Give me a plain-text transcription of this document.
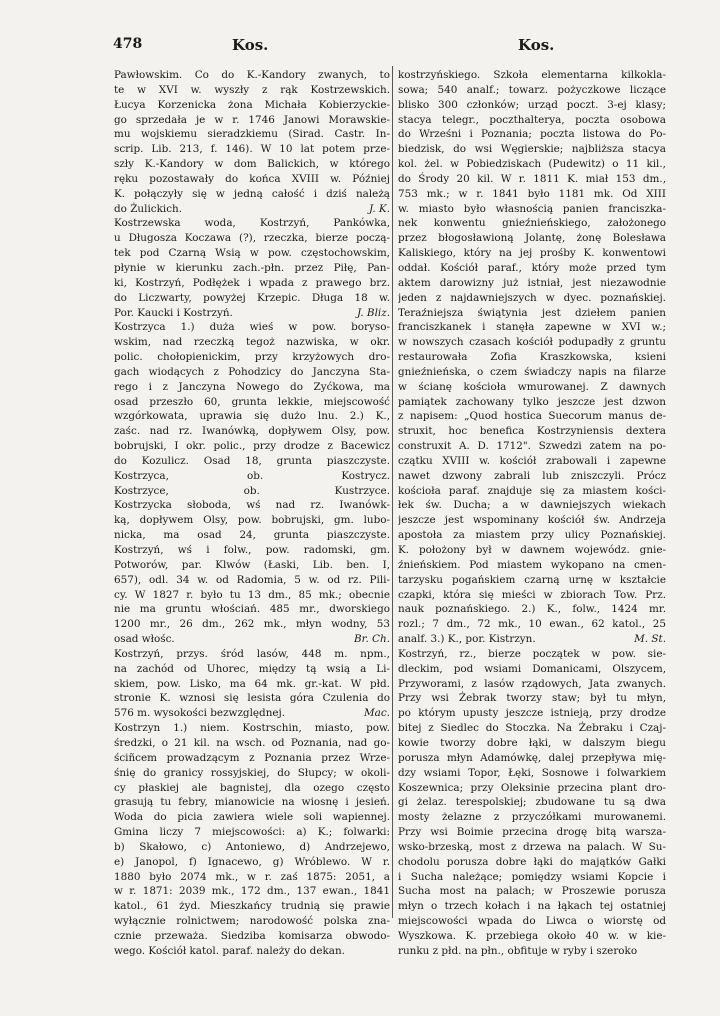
478	Kos.	Kos.
Pawłowskim. Co do K.-Kandory zwanych, to
te w XVI w. wyszły z rąk Kostrzewskich.
Łucya Korzenicka żona Michała Kobierzyckie-
go sprzedała je w r. 1746 Janowi Morawskie-
mu wojskiemu sieradzkiemu (Sirad. Castr. In-
scrip. Lib. 213, f. 146). W 10 lat potem prze-
szły K.-Kandory w dom Balickich, w którego
ręku pozostawały do końca XVIII w. Później
K. połączyły się w jedną całość i dziś należą
do Żulickich.	J. K.
Kostrzewska woda, Kostrzyń, Pankówka,
u Długosza Koczawa (?), rzeczka, bierze począ-
tek pod Czarną Wsią w pow. częstochowskim,
płynie w kierunku zach.-płn. przez Piłę, Pan-
ki, Kostrzyń, Podłężek i wpada z prawego brz.
do Liczwarty, powyżej Krzepic. Długa 18 w.
Por. Kaucki i Kostrzyń.	J. Bliz.
Kostrzyca 1.) duża wieś w pow. boryso-
wskim, nad rzeczką tegoż nazwiska, w okr.
polic. chołopienickim, przy krzyżowych dro-
gach wiodących z Pohodzicy do Janczyna Sta-
rego i z Janczyna Nowego do Zyćkowa, ma
osad przeszło 60, grunta lekkie, miejscowość
wzgórkowata, uprawia się dużo lnu. 2.) K.,
zaśc. nad rz. Iwanówką, dopływem Olsy, pow.
bobrujski, I okr. polic., przy drodze z Bacewicz
do Kozulicz. Osad 18, grunta piaszczyste.
Kostrzyca, ob. Kostrycz.
Kostrzyce, ob. Kustrzyce.
Kostrzycka słoboda, wś nad rz. Iwanówk-
ką, dopływem Olsy, pow. bobrujski, gm. lubo-
nicka, ma osad 24, grunta piaszczyste.
Kostrzyń, wś i folw., pow. radomski, gm.
Potworów, par. Klwów (Łaski, Lib. ben. I,
657), odl. 34 w. od Radomia, 5 w. od rz. Pili-
cy. W 1827 r. było tu 13 dm., 85 mk.; obecnie
nie ma gruntu włościań. 485 mr., dworskiego
1200 mr., 26 dm., 262 mk., młyn wodny, 53
osad włośc.	Br. Ch.
Kostrzyń, przys. śród lasów, 448 m. npm.,
na zachód od Uhorec, między tą wsią a Li-
skiem, pow. Lisko, ma 64 mk. gr.-kat. W płd.
stronie K. wznosi się lesista góra Czulenia do
576 m. wysokości bezwzględnej.	Mac.
Kostrzyn 1.) niem. Kostrschin, miasto, pow.
średzki, o 21 kil. na wsch. od Poznania, nad go-
ściñcem prowadzącym z Poznania przez Wrze-
śnię do granicy rossyjskiej, do Słupcy; w okoli-
cy płaskiej ale bagnistej, dla ozego często
grasują tu febry, mianowicie na wiosnę i jesień.
Woda do picia zawiera wiele soli wapiennej.
Gmina liczy 7 miejscowości: a) K.; folwarki:
b) Skałowo, c) Antoniewo, d) Andrzejewo,
e) Janopol, f) Ignacewo, g) Wróblewo. W r.
1880 było 2074 mk., w r. zaś 1875: 2051, a
w r. 1871: 2039 mk., 172 dm., 137 ewan., 1841
katol., 61 żyd. Mieszkańcy trudnią się prawie
wyłącznie rolnictwem; narodowość polska zna-
cznie przeważa. Siedziba komisarza obwodo-
wego. Kościół katol. paraf. należy do dekan.
kostrzyńskiego. Szkoła elementarna kilkokla-
sowa; 540 analf.; towarz. pożyczkowe liczące
blisko 300 członków; urząd poczt. 3-ej klasy;
stacya telegr., poczthalterya, poczta osobowa
do Wrześni i Poznania; poczta listowa do Po-
biedzisk, do wsi Węgierskie; najbliższa stacya
kol. żel. w Pobiedziskach (Pudewitz) o 11 kil.,
do Środy 20 kil. W r. 1811 K. miał 153 dm.,
753 mk.; w r. 1841 było 1181 mk. Od XIII
w. miasto było własnością panien franciszka-
nek konwentu gnieźnieńskiego, założonego
przez błogosławioną Jolantę, żonę Bolesława
Kaliskiego, który na jej prośby K. konwentowi
oddał. Kościół paraf., który może przed tym
aktem darowizny już istniał, jest niezawodnie
jeden z najdawniejszych w dyec. poznańskiej.
Teraźniejsza świątynia jest dziełem panien
franciszkanek i stanęła zapewne w XVI w.;
w nowszych czasach kościół podupadły z gruntu
restaurowała Zofia Kraszkowska, ksieni
gnieźnieńska, o czem świadczy napis na filarze
w ścianę kościoła wmurowanej. Z dawnych
pamiątek zachowany tylko jeszcze jest dzwon
z napisem: „Quod hostica Suecorum manus de-
struxit, hoc benefica Kostrzyniensis dextera
construxit A. D. 1712". Szwedzi zatem na po-
czątku XVIII w. kościół zrabowali i zapewne
nawet dzwony zabrali lub zniszczyli. Prócz
kościoła paraf. znajduje się za miastem kości-
łek św. Ducha; a w dawniejszych wiekach
jeszcze jest wspominany kościół św. Andrzeja
apostoła za miastem przy ulicy Poznańskiej.
K. położony był w dawnem wojewódz. gnie-
źnieńskiem. Pod miastem wykopano na cmen-
tarzysku pogańskiem czarną urnę w kształcie
czapki, która się mieści w zbiorach Tow. Prz.
nauk poznańskiego. 2.) K., folw., 1424 mr.
rozl.; 7 dm., 72 mk., 10 ewan., 62 katol., 25
analf. 3.) K., por. Kistrzyn.	M. St.
Kostrzyń, rz., bierze początek w pow. sie-
dleckim, pod wsiami Domanicami, Olszycem,
Przyworami, z lasów rządowych, Jata zwanych.
Przy wsi Żebrak tworzy staw; był tu młyn,
po którym upusty jeszcze istnieją, przy drodze
bitej z Siedlec do Stoczka. Na Żebraku i Czaj-
kowie tworzy dobre łąki, w dalszym biegu
porusza młyn Adamówkę, dalej przepływa mię-
dzy wsiami Topor, Łęki, Sosnowe i folwarkiem
Koszewnica; przy Oleksinie przecina plant dro-
gi żelaz. terespolskiej; zbudowane tu są dwa
mosty żelazne z przyczółkami murowanemi.
Przy wsi Boimie przecina drogę bitą warsza-
wsko-brzeską, most z drzewa na palach. W Su-
chodolu porusza dobre łąki do majątków Gałki
i Sucha należące; pomiędzy wsiami Kopcie i
Sucha most na palach; w Proszewie porusza
młyn o trzech kołach i na łąkach tej ostatniej
miejscowości wpada do Liwca o wiorstę od
Wyszkowa. K. przebiega około 40 w. w kie-
runku z płd. na płn., obfituje w ryby i szeroko
